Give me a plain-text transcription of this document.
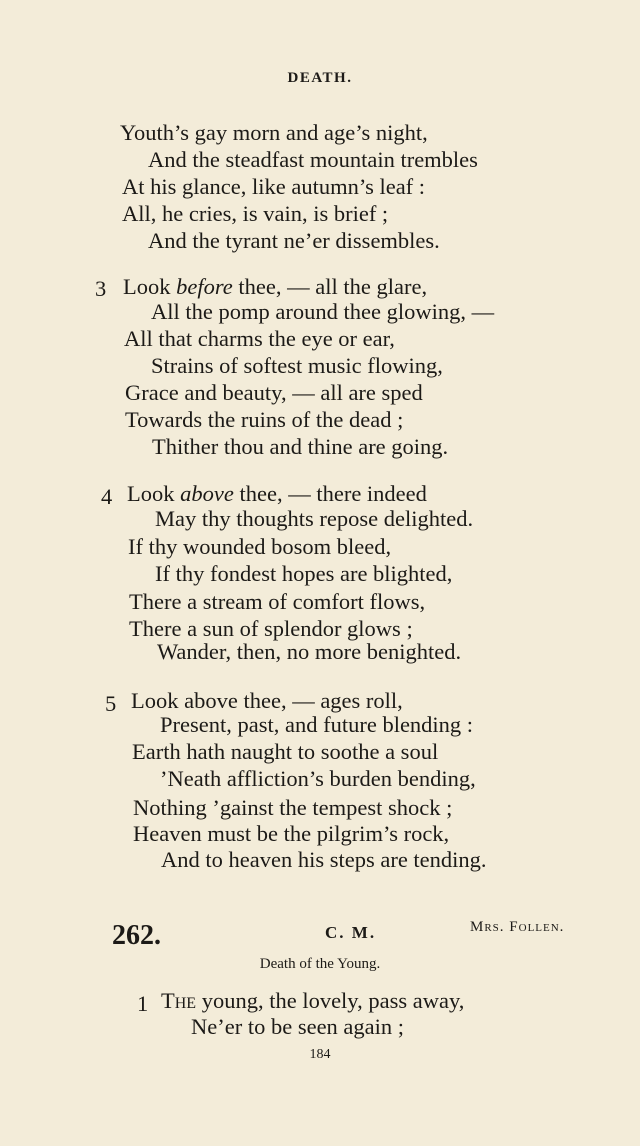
DEATH.
Youth’s gay morn and age’s night,
And the steadfast mountain trembles
At his glance, like autumn’s leaf :
All, he cries, is vain, is brief ;
And the tyrant ne’er dissembles.
3 Look before thee, — all the glare,
All the pomp around thee glowing, —
All that charms the eye or ear,
Strains of softest music flowing,
Grace and beauty, — all are sped
Towards the ruins of the dead ;
Thither thou and thine are going.
4 Look above thee, — there indeed
May thy thoughts repose delighted.
If thy wounded bosom bleed,
If thy fondest hopes are blighted,
There a stream of comfort flows,
There a sun of splendor glows ;
Wander, then, no more benighted.
5 Look above thee, — ages roll,
Present, past, and future blending :
Earth hath naught to soothe a soul
’Neath affliction’s burden bending,
Nothing ’gainst the tempest shock ;
Heaven must be the pilgrim’s rock,
And to heaven his steps are tending.
262.	C. M.	Mrs. Follen.
Death of the Young.
1 The young, the lovely, pass away,
Ne’er to be seen again ;
184
